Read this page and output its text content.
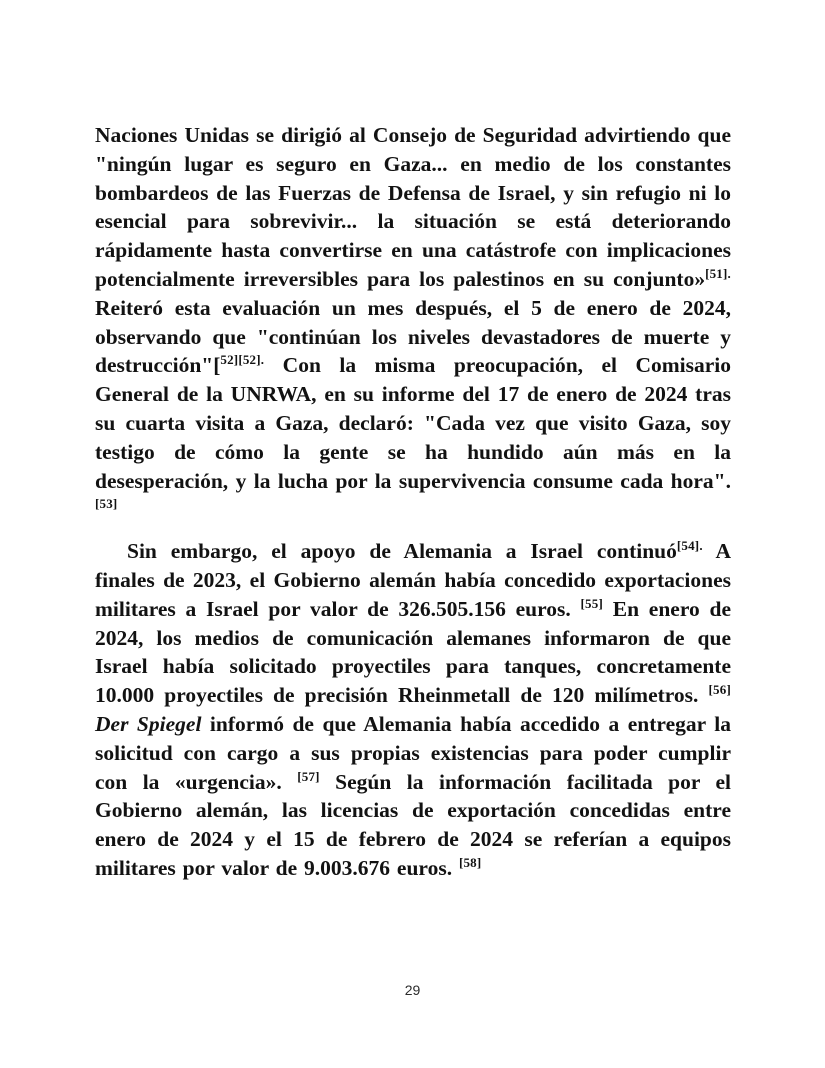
Naciones Unidas se dirigió al Consejo de Seguridad advirtiendo que "ningún lugar es seguro en Gaza... en medio de los constantes bombardeos de las Fuerzas de Defensa de Israel, y sin refugio ni lo esencial para sobrevivir... la situación se está deteriorando rápidamente hasta convertirse en una catástrofe con implicaciones potencialmente irreversibles para los palestinos en su conjunto»$^{[51].}$ Reiteró esta evaluación un mes después, el 5 de enero de 2024, observando que "continúan los niveles devastadores de muerte y destrucción"[$^{52][52].}$ Con la misma preocupación, el Comisario General de la UNRWA, en su informe del 17 de enero de 2024 tras su cuarta visita a Gaza, declaró: "Cada vez que visito Gaza, soy testigo de cómo la gente se ha hundido aún más en la desesperación, y la lucha por la supervivencia consume cada hora". [53]

Sin embargo, el apoyo de Alemania a Israel continuó$^{[54].}$ A finales de 2023, el Gobierno alemán había concedido exportaciones militares a Israel por valor de 326.505.156 euros. [55] En enero de 2024, los medios de comunicación alemanes informaron de que Israel había solicitado proyectiles para tanques, concretamente 10.000 proyectiles de precisión Rheinmetall de 120 milímetros. [56] Der Spiegel informó de que Alemania había accedido a entregar la solicitud con cargo a sus propias existencias para poder cumplir con la «urgencia». [57] Según la información facilitada por el Gobierno alemán, las licencias de exportación concedidas entre enero de 2024 y el 15 de febrero de 2024 se referían a equipos militares por valor de 9.003.676 euros. [58]

29
